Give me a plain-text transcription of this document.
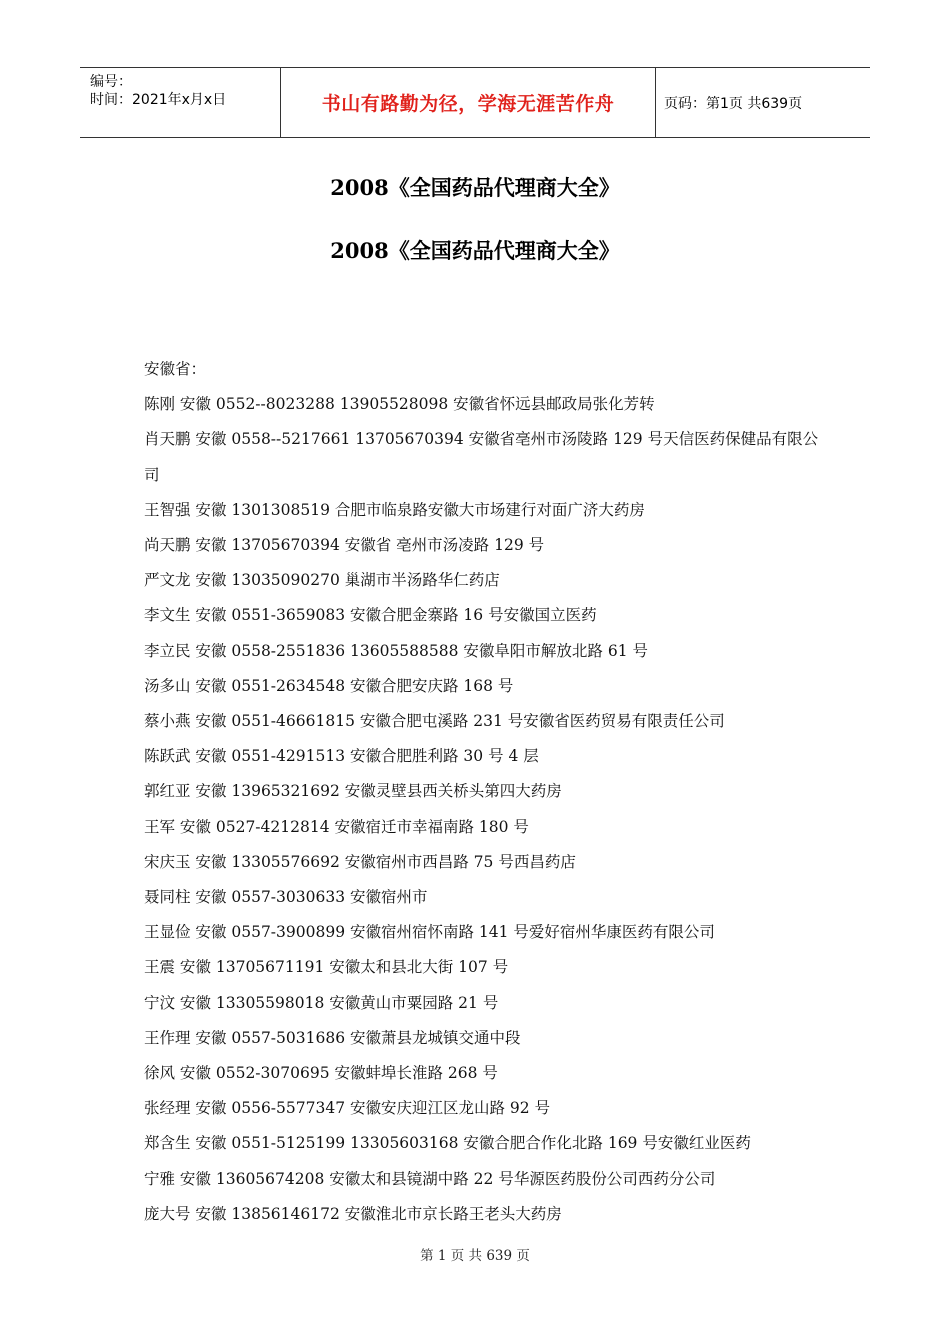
编号：
时间：2021年x月x日	书山有路勤为径，学海无涯苦作舟	页码：第1页 共639页
2008《全国药品代理商大全》
2008《全国药品代理商大全》
安徽省：
陈刚 安徽 0552--8023288 13905528098 安徽省怀远县邮政局张化芳转
肖天鹏 安徽 0558--5217661 13705670394 安徽省亳州市汤陵路 129 号天信医药保健品有限公司
王智强 安徽 1301308519 合肥市临泉路安徽大市场建行对面广济大药房
尚天鹏 安徽 13705670394 安徽省 亳州市汤凌路 129 号
严文龙 安徽 13035090270 巢湖市半汤路华仁药店
李文生 安徽 0551-3659083 安徽合肥金寨路 16 号安徽国立医药
李立民 安徽 0558-2551836 13605588588 安徽阜阳市解放北路 61 号
汤多山 安徽 0551-2634548 安徽合肥安庆路 168 号
蔡小燕 安徽 0551-46661815 安徽合肥屯溪路 231 号安徽省医药贸易有限责任公司
陈跃武 安徽 0551-4291513 安徽合肥胜利路 30 号 4 层
郭红亚 安徽 13965321692 安徽灵壁县西关桥头第四大药房
王军 安徽 0527-4212814 安徽宿迁市幸福南路 180 号
宋庆玉 安徽 13305576692 安徽宿州市西昌路 75 号西昌药店
聂同柱 安徽 0557-3030633 安徽宿州市
王显俭 安徽 0557-3900899 安徽宿州宿怀南路 141 号爱好宿州华康医药有限公司
王震 安徽 13705671191 安徽太和县北大街 107 号
宁汶 安徽 13305598018 安徽黄山市粟园路 21 号
王作理 安徽 0557-5031686 安徽萧县龙城镇交通中段
徐风 安徽 0552-3070695 安徽蚌埠长淮路 268 号
张经理 安徽 0556-5577347 安徽安庆迎江区龙山路 92 号
郑含生 安徽 0551-5125199 13305603168 安徽合肥合作化北路 169 号安徽红业医药
宁雅 安徽 13605674208 安徽太和县镜湖中路 22 号华源医药股份公司西药分公司
庞大号 安徽 13856146172 安徽淮北市京长路王老头大药房
第 1 页 共 639 页
